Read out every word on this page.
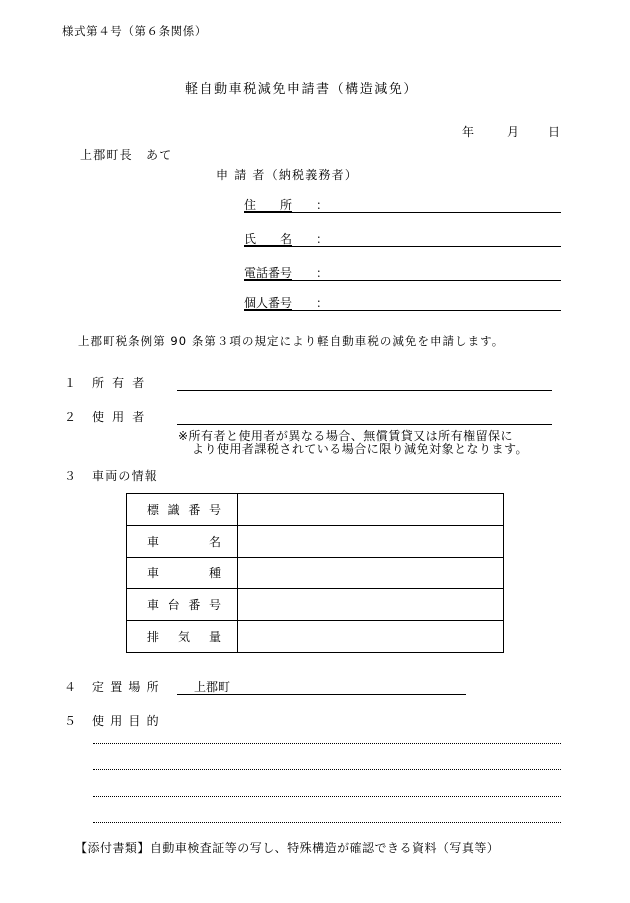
様式第４号（第６条関係）
軽自動車税減免申請書（構造減免）
年	月 日
上郡町長　あて
申 請 者（納税義務者）
住　　所 ：
氏　　名 ：
電話番号 ：
個人番号 ：
上郡町税条例第 90 条第３項の規定により軽自動車税の減免を申請します。
１ 所 有 者
２ 使 用 者
※所有者と使用者が異なる場合、無償賃貸又は所有権留保に
より使用者課税されている場合に限り減免対象となります。
３ 車両の情報
標 識 番 号	

車 名	

車 種	

車 台 番 号	

排 気 量	

４ 定 置 場 所	上郡町
５ 使 用 目 的
【添付書類】自動車検査証等の写し、特殊構造が確認できる資料（写真等）
